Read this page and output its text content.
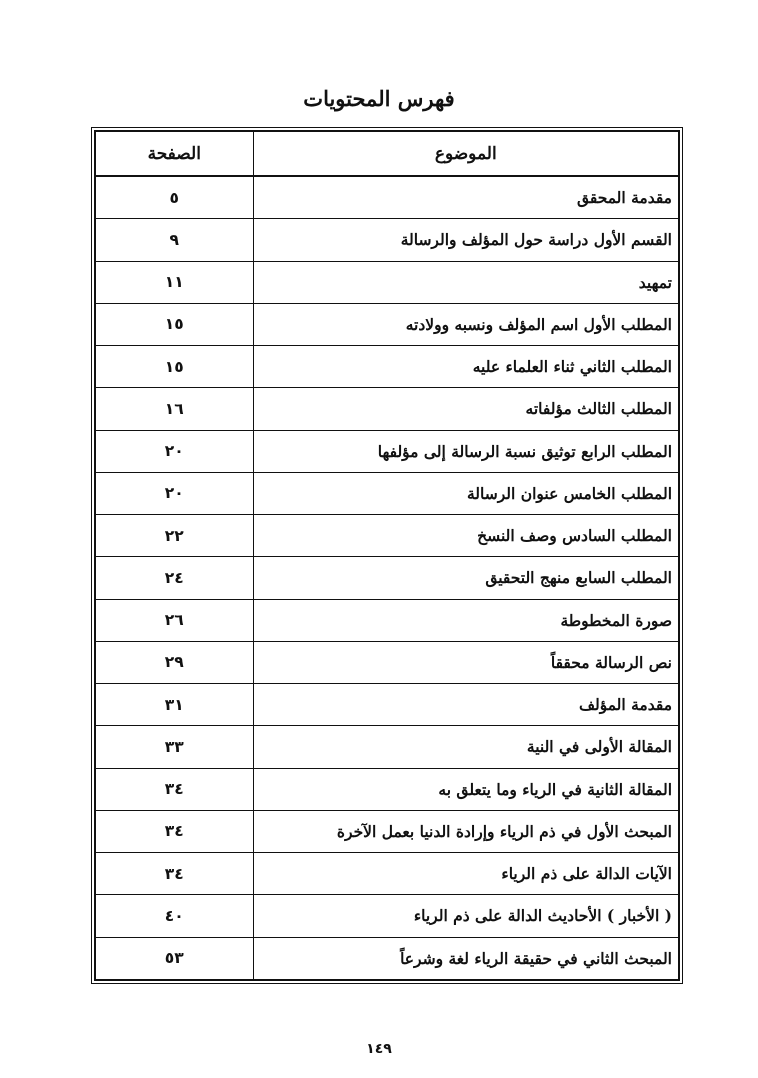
فهرس المحتويات
الموضوع	الصفحة
مقدمة المحقق	٥
القسم الأول دراسة حول المؤلف والرسالة	٩
تمهيد	١١
المطلب الأول اسم المؤلف ونسبه وولادته	١٥
المطلب الثاني ثناء العلماء عليه	١٥
المطلب الثالث مؤلفاته	١٦
المطلب الرابع توثيق نسبة الرسالة إلى مؤلفها	٢٠
المطلب الخامس عنوان الرسالة	٢٠
المطلب السادس وصف النسخ	٢٢
المطلب السابع منهج التحقيق	٢٤
صورة المخطوطة	٢٦
نص الرسالة محققاً	٢٩
مقدمة المؤلف	٣١
المقالة الأولى في النية	٣٣
المقالة الثانية في الرياء وما يتعلق به	٣٤
المبحث الأول في ذم الرياء وإرادة الدنيا بعمل الآخرة	٣٤
الآيات الدالة على ذم الرياء	٣٤
( الأخبار ) الأحاديث الدالة على ذم الرياء	٤٠
المبحث الثاني في حقيقة الرياء لغة وشرعاً	٥٣
١٤٩
